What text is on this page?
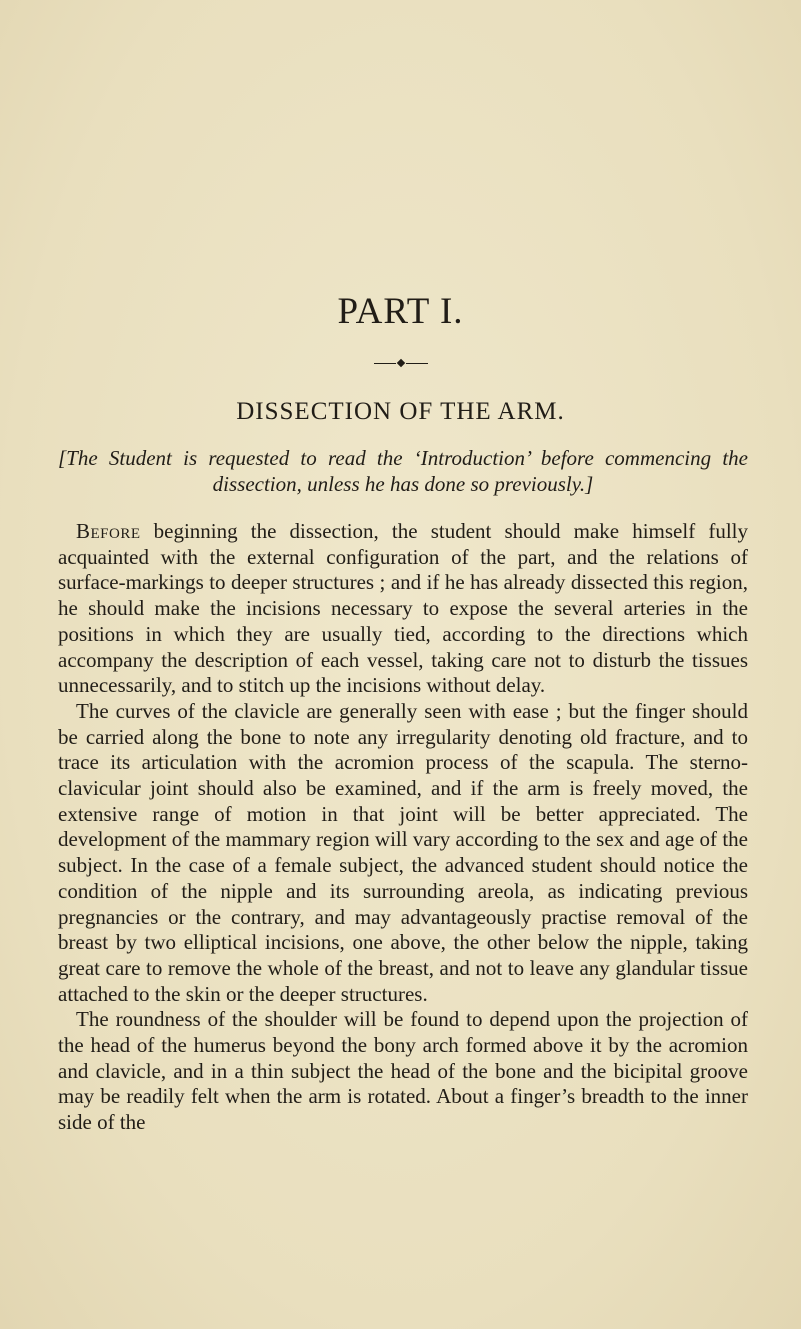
PART I.
DISSECTION OF THE ARM.
[The Student is requested to read the ‘Introduction’ before commencing the dissection, unless he has done so previously.]

Before beginning the dissection, the student should make himself fully acquainted with the external configuration of the part, and the relations of surface-markings to deeper structures ; and if he has already dissected this region, he should make the incisions necessary to expose the several arteries in the positions in which they are usually tied, according to the directions which accompany the description of each vessel, taking care not to disturb the tissues unnecessarily, and to stitch up the incisions without delay.

The curves of the clavicle are generally seen with ease ; but the finger should be carried along the bone to note any irregularity denoting old fracture, and to trace its articulation with the acromion process of the scapula. The sterno-clavicular joint should also be examined, and if the arm is freely moved, the extensive range of motion in that joint will be better appreciated. The development of the mammary region will vary according to the sex and age of the subject. In the case of a female subject, the advanced student should notice the condition of the nipple and its surrounding areola, as indicating previous pregnancies or the contrary, and may advantageously practise removal of the breast by two elliptical incisions, one above, the other below the nipple, taking great care to remove the whole of the breast, and not to leave any glandular tissue attached to the skin or the deeper structures.

The roundness of the shoulder will be found to depend upon the projection of the head of the humerus beyond the bony arch formed above it by the acromion and clavicle, and in a thin subject the head of the bone and the bicipital groove may be readily felt when the arm is rotated. About a finger’s breadth to the inner side of the
